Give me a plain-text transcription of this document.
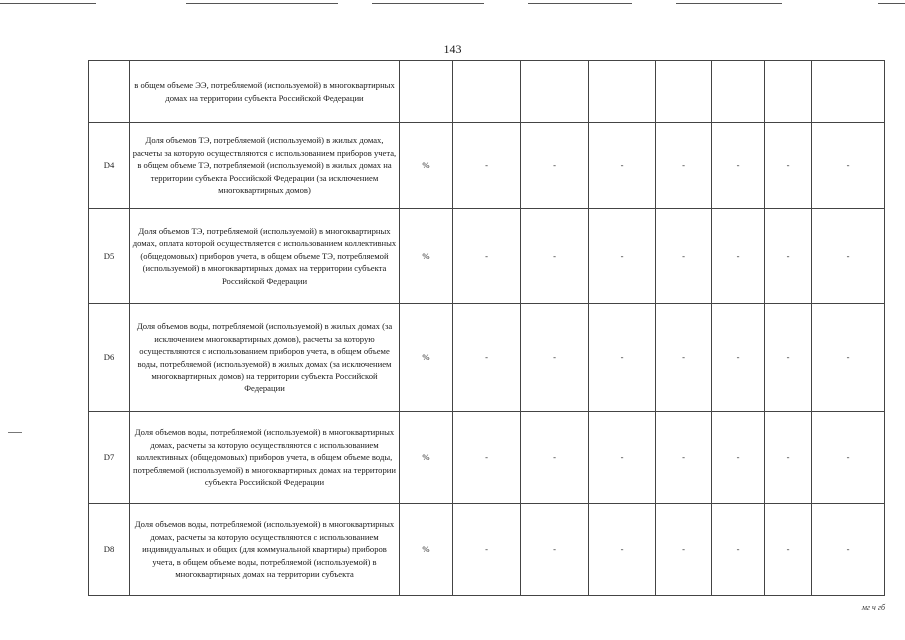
143
	в общем объеме ЭЭ, потребляемой (используемой) в многоквартирных домах на территории субъекта Российской Федерации								
D4	Доля объемов ТЭ, потребляемой (используемой) в жилых домах, расчеты за которую осуществляются с использованием приборов учета, в общем объеме ТЭ, потребляемой (используемой) в жилых домах на территории субъекта Российской Федерации (за исключением многоквартирных домов)	%	-	-	-	-	-	-	-
D5	Доля объемов ТЭ, потребляемой (используемой) в многоквартирных домах, оплата которой осуществляется с использованием коллективных (общедомовых) приборов учета, в общем объеме ТЭ, потребляемой (используемой) в многоквартирных домах на территории субъекта Российской Федерации	%	-	-	-	-	-	-	-
D6	Доля объемов воды, потребляемой (используемой) в жилых домах (за исключением многоквартирных домов), расчеты за которую осуществляются с использованием приборов учета, в общем объеме воды, потребляемой (используемой) в жилых домах (за исключением многоквартирных домов) на территории субъекта Российской Федерации	%	-	-	-	-	-	-	-
D7	Доля объемов воды, потребляемой (используемой) в многоквартирных домах, расчеты за которую осуществляются с использованием коллективных (общедомовых) приборов учета, в общем объеме воды, потребляемой (используемой) в многоквартирных домах на территории субъекта Российской Федерации	%	-	-	-	-	-	-	-
D8	Доля объемов воды, потребляемой (используемой) в многоквартирных домах, расчеты за которую осуществляются с использованием индивидуальных и общих (для коммунальной квартиры) приборов учета, в общем объеме воды, потребляемой (используемой) в многоквартирных домах на территории субъекта	%	-	-	-	-	-	-	-
мг ч гб
